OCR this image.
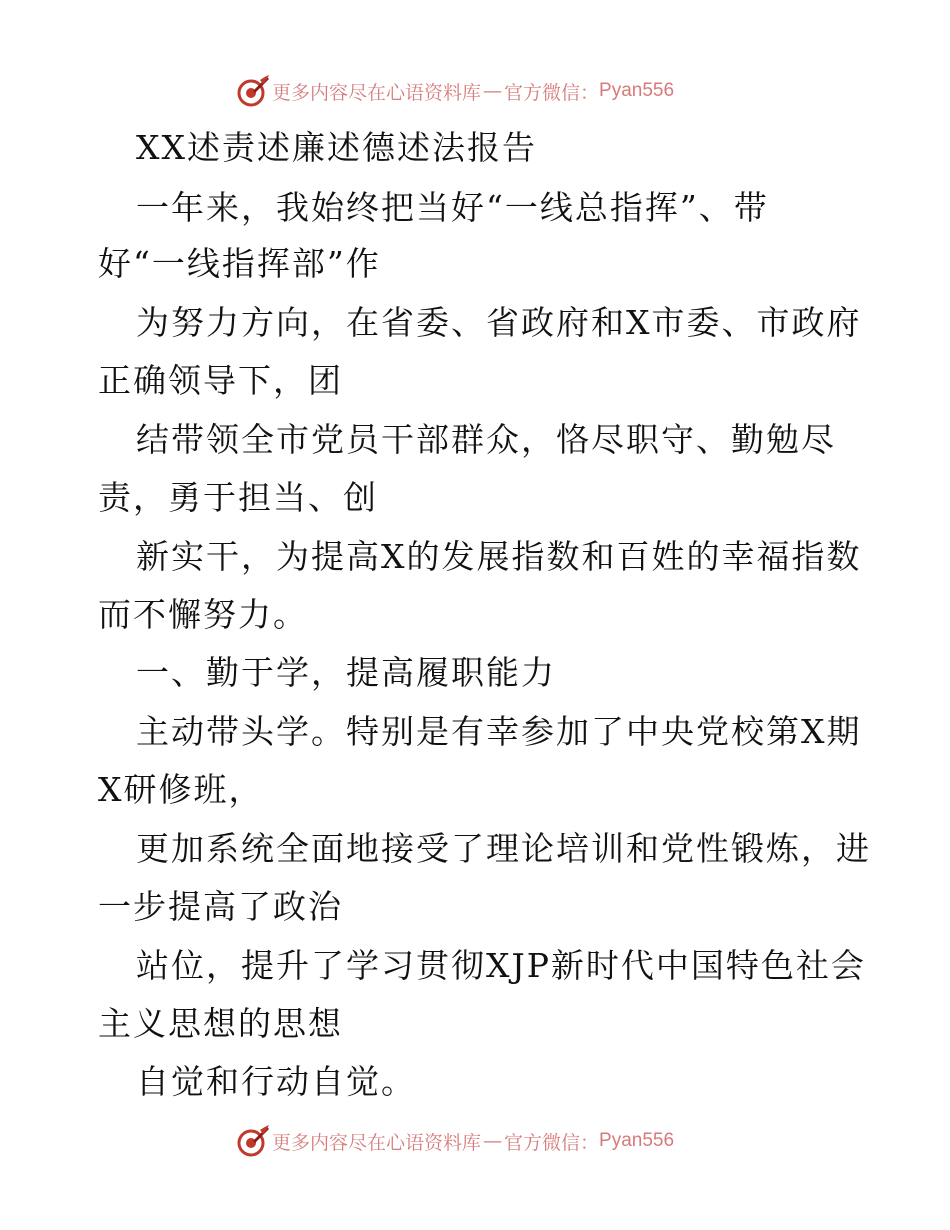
更多内容尽在心语资料库 — 官方微信： Pyan556
XX述责述廉述德述法报告
一年来，我始终把当好“一线总指挥”、带
好“一线指挥部”作
为努力方向，在省委、省政府和X市委、市政府
正确领导下，团
结带领全市党员干部群众，恪尽职守、勤勉尽
责，勇于担当、创
新实干，为提高X的发展指数和百姓的幸福指数
而不懈努力。
一、勤于学，提高履职能力
主动带头学。特别是有幸参加了中央党校第X期
X研修班，
更加系统全面地接受了理论培训和党性锻炼，进
一步提高了政治
站位，提升了学习贯彻XJP新时代中国特色社会
主义思想的思想
自觉和行动自觉。
更多内容尽在心语资料库 — 官方微信： Pyan556
